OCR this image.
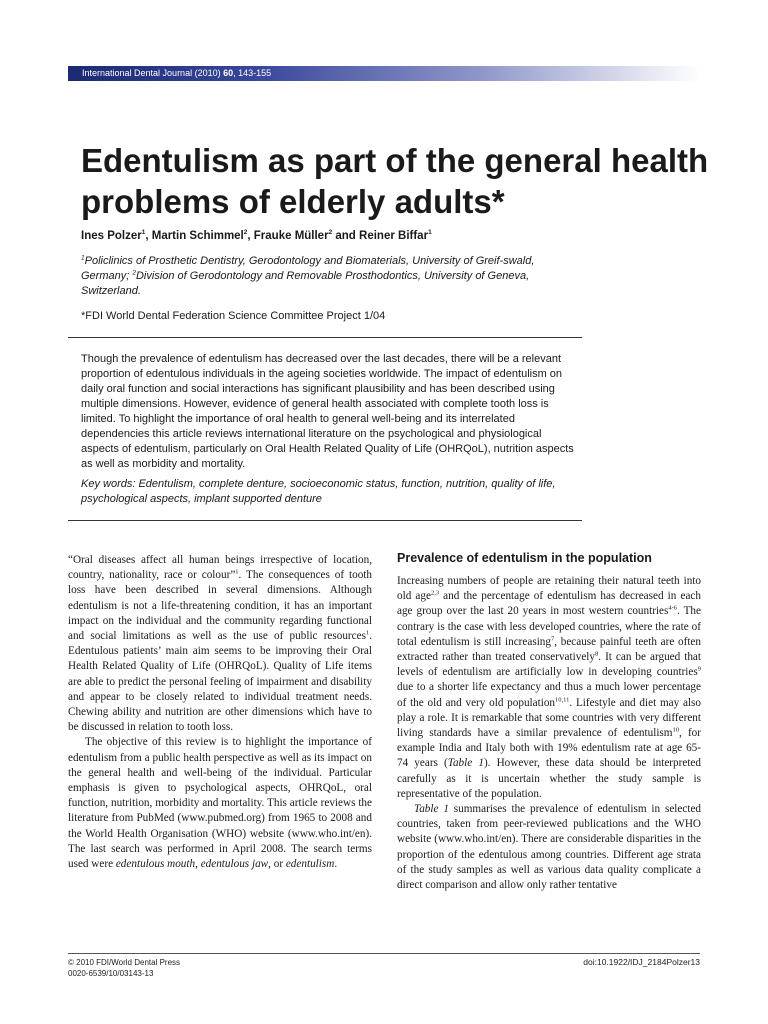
International Dental Journal (2010) 60, 143-155
Edentulism as part of the general health problems of elderly adults*
Ines Polzer$^1$, Martin Schimmel$^2$, Frauke Müller$^2$ and Reiner Biffar$^1$
$^1$Policlinics of Prosthetic Dentistry, Gerodontology and Biomaterials, University of Greif-swald, Germany; $^2$Division of Gerodontology and Removable Prosthodontics, University of Geneva, Switzerland.
*FDI World Dental Federation Science Committee Project 1/04
Though the prevalence of edentulism has decreased over the last decades, there will be a relevant proportion of edentulous individuals in the ageing societies worldwide. The impact of edentulism on daily oral function and social interactions has significant plausibility and has been described using multiple dimensions. However, evidence of general health associated with complete tooth loss is limited. To highlight the importance of oral health to general well-being and its interrelated dependencies this article reviews international literature on the psychological and physiological aspects of edentulism, particularly on Oral Health Related Quality of Life (OHRQoL), nutrition aspects as well as morbidity and mortality.
Key words: Edentulism, complete denture, socioeconomic status, function, nutrition, quality of life, psychological aspects, implant supported denture

“Oral diseases affect all human beings irrespective of location, country, nationality, race or colour”$^1$. The consequences of tooth loss have been described in several dimensions. Although edentulism is not a life-threatening condition, it has an important impact on the individual and the community regarding functional and social limitations as well as the use of public resources$^1$. Edentulous patients’ main aim seems to be improving their Oral Health Related Quality of Life (OHRQoL). Quality of Life items are able to predict the personal feeling of impairment and disability and appear to be closely related to individual treatment needs. Chewing ability and nutrition are other dimensions which have to be discussed in relation to tooth loss.

The objective of this review is to highlight the importance of edentulism from a public health perspective as well as its impact on the general health and well-being of the individual. Particular emphasis is given to psychological aspects, OHRQoL, oral function, nutrition, morbidity and mortality. This article reviews the literature from PubMed (www.pubmed.org) from 1965 to 2008 and the World Health Organisation (WHO) website (www.who.int/en). The last search was performed in April 2008. The search terms used were edentulous mouth, edentulous jaw, or edentulism.

Prevalence of edentulism in the population

Increasing numbers of people are retaining their natural teeth into old age$^{2,3}$ and the percentage of edentulism has decreased in each age group over the last 20 years in most western countries$^{4-6}$. The contrary is the case with less developed countries, where the rate of total edentulism is still increasing$^7$, because painful teeth are often extracted rather than treated conservatively$^8$. It can be argued that levels of edentulism are artificially low in developing countries$^9$ due to a shorter life expectancy and thus a much lower percentage of the old and very old population$^{10,11}$. Lifestyle and diet may also play a role. It is remarkable that some countries with very different living standards have a similar prevalence of edentulism$^{10}$, for example India and Italy both with 19% edentulism rate at age 65-74 years (Table 1). However, these data should be interpreted carefully as it is uncertain whether the study sample is representative of the population.

Table 1 summarises the prevalence of edentulism in selected countries, taken from peer-reviewed publications and the WHO website (www.who.int/en). There are considerable disparities in the proportion of the edentulous among countries. Different age strata of the study samples as well as various data quality complicate a direct comparison and allow only rather tentative

© 2010 FDI/World Dental Press
0020-6539/10/03143-13
doi:10.1922/IDJ_2184Polzer13
